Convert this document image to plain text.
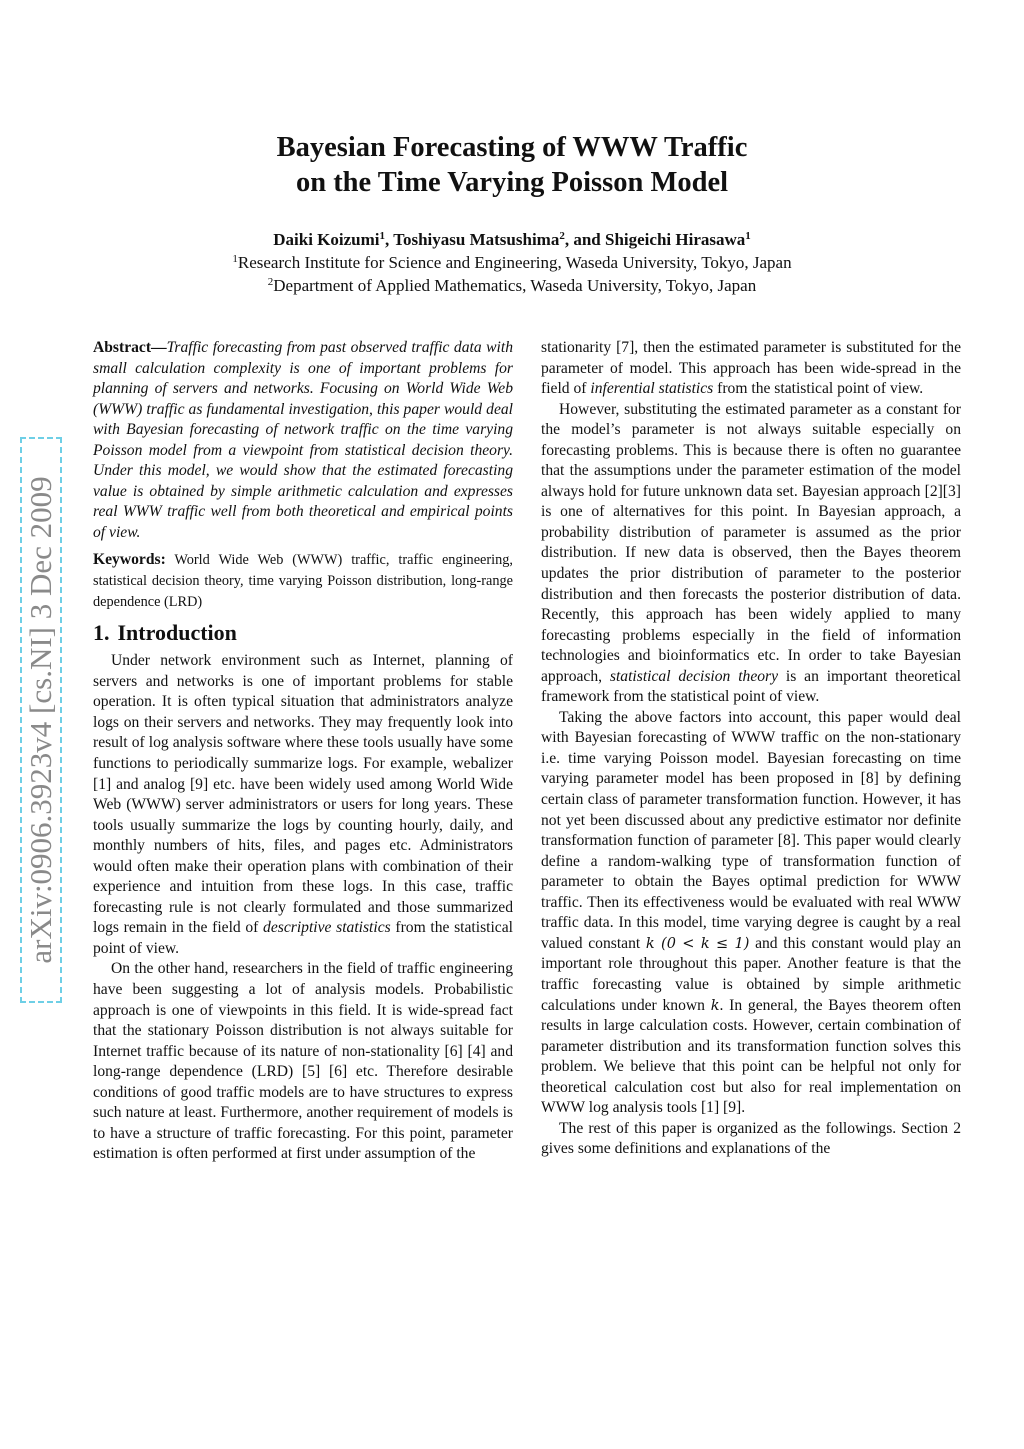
arXiv:0906.3923v4 [cs.NI] 3 Dec 2009
Bayesian Forecasting of WWW Traffic
on the Time Varying Poisson Model
Daiki Koizumi$^1$, Toshiyasu Matsushima$^2$, and Shigeichi Hirasawa$^1$
$^1$Research Institute for Science and Engineering, Waseda University, Tokyo, Japan
$^2$Department of Applied Mathematics, Waseda University, Tokyo, Japan

Abstract—Traffic forecasting from past observed traffic data with small calculation complexity is one of important problems for planning of servers and networks. Focusing on World Wide Web (WWW) traffic as fundamental investigation, this paper would deal with Bayesian forecasting of network traffic on the time varying Poisson model from a viewpoint from statistical decision theory. Under this model, we would show that the estimated forecasting value is obtained by simple arithmetic calculation and expresses real WWW traffic well from both theoretical and empirical points of view.

Keywords: World Wide Web (WWW) traffic, traffic engineering, statistical decision theory, time varying Poisson distribution, long-range dependence (LRD)

1. Introduction

Under network environment such as Internet, planning of servers and networks is one of important problems for stable operation. It is often typical situation that administrators analyze logs on their servers and networks. They may frequently look into result of log analysis software where these tools usually have some functions to periodically summarize logs. For example, webalizer [1] and analog [9] etc. have been widely used among World Wide Web (WWW) server administrators or users for long years. These tools usually summarize the logs by counting hourly, daily, and monthly numbers of hits, files, and pages etc. Administrators would often make their operation plans with combination of their experience and intuition from these logs. In this case, traffic forecasting rule is not clearly formulated and those summarized logs remain in the field of descriptive statistics from the statistical point of view.

On the other hand, researchers in the field of traffic engineering have been suggesting a lot of analysis models. Probabilistic approach is one of viewpoints in this field. It is wide-spread fact that the stationary Poisson distribution is not always suitable for Internet traffic because of its nature of non-stationality [6] [4] and long-range dependence (LRD) [5] [6] etc. Therefore desirable conditions of good traffic models are to have structures to express such nature at least. Furthermore, another requirement of models is to have a structure of traffic forecasting. For this point, parameter estimation is often performed at first under assumption of the

stationarity [7], then the estimated parameter is substituted for the parameter of model. This approach has been wide-spread in the field of inferential statistics from the statistical point of view.

However, substituting the estimated parameter as a constant for the model’s parameter is not always suitable especially on forecasting problems. This is because there is often no guarantee that the assumptions under the parameter estimation of the model always hold for future unknown data set. Bayesian approach [2][3] is one of alternatives for this point. In Bayesian approach, a probability distribution of parameter is assumed as the prior distribution. If new data is observed, then the Bayes theorem updates the prior distribution of parameter to the posterior distribution and then forecasts the posterior distribution of data. Recently, this approach has been widely applied to many forecasting problems especially in the field of information technologies and bioinformatics etc. In order to take Bayesian approach, statistical decision theory is an important theoretical framework from the statistical point of view.

Taking the above factors into account, this paper would deal with Bayesian forecasting of WWW traffic on the non-stationary i.e. time varying Poisson model. Bayesian forecasting on time varying parameter model has been proposed in [8] by defining certain class of parameter transformation function. However, it has not yet been discussed about any predictive estimator nor definite transformation function of parameter [8]. This paper would clearly define a random-walking type of transformation function of parameter to obtain the Bayes optimal prediction for WWW traffic. Then its effectiveness would be evaluated with real WWW traffic data. In this model, time varying degree is caught by a real valued constant k (0 < k ≤ 1) and this constant would play an important role throughout this paper. Another feature is that the traffic forecasting value is obtained by simple arithmetic calculations under known k. In general, the Bayes theorem often results in large calculation costs. However, certain combination of parameter distribution and its transformation function solves this problem. We believe that this point can be helpful not only for theoretical calculation cost but also for real implementation on WWW log analysis tools [1] [9].

The rest of this paper is organized as the followings. Section 2 gives some definitions and explanations of the
